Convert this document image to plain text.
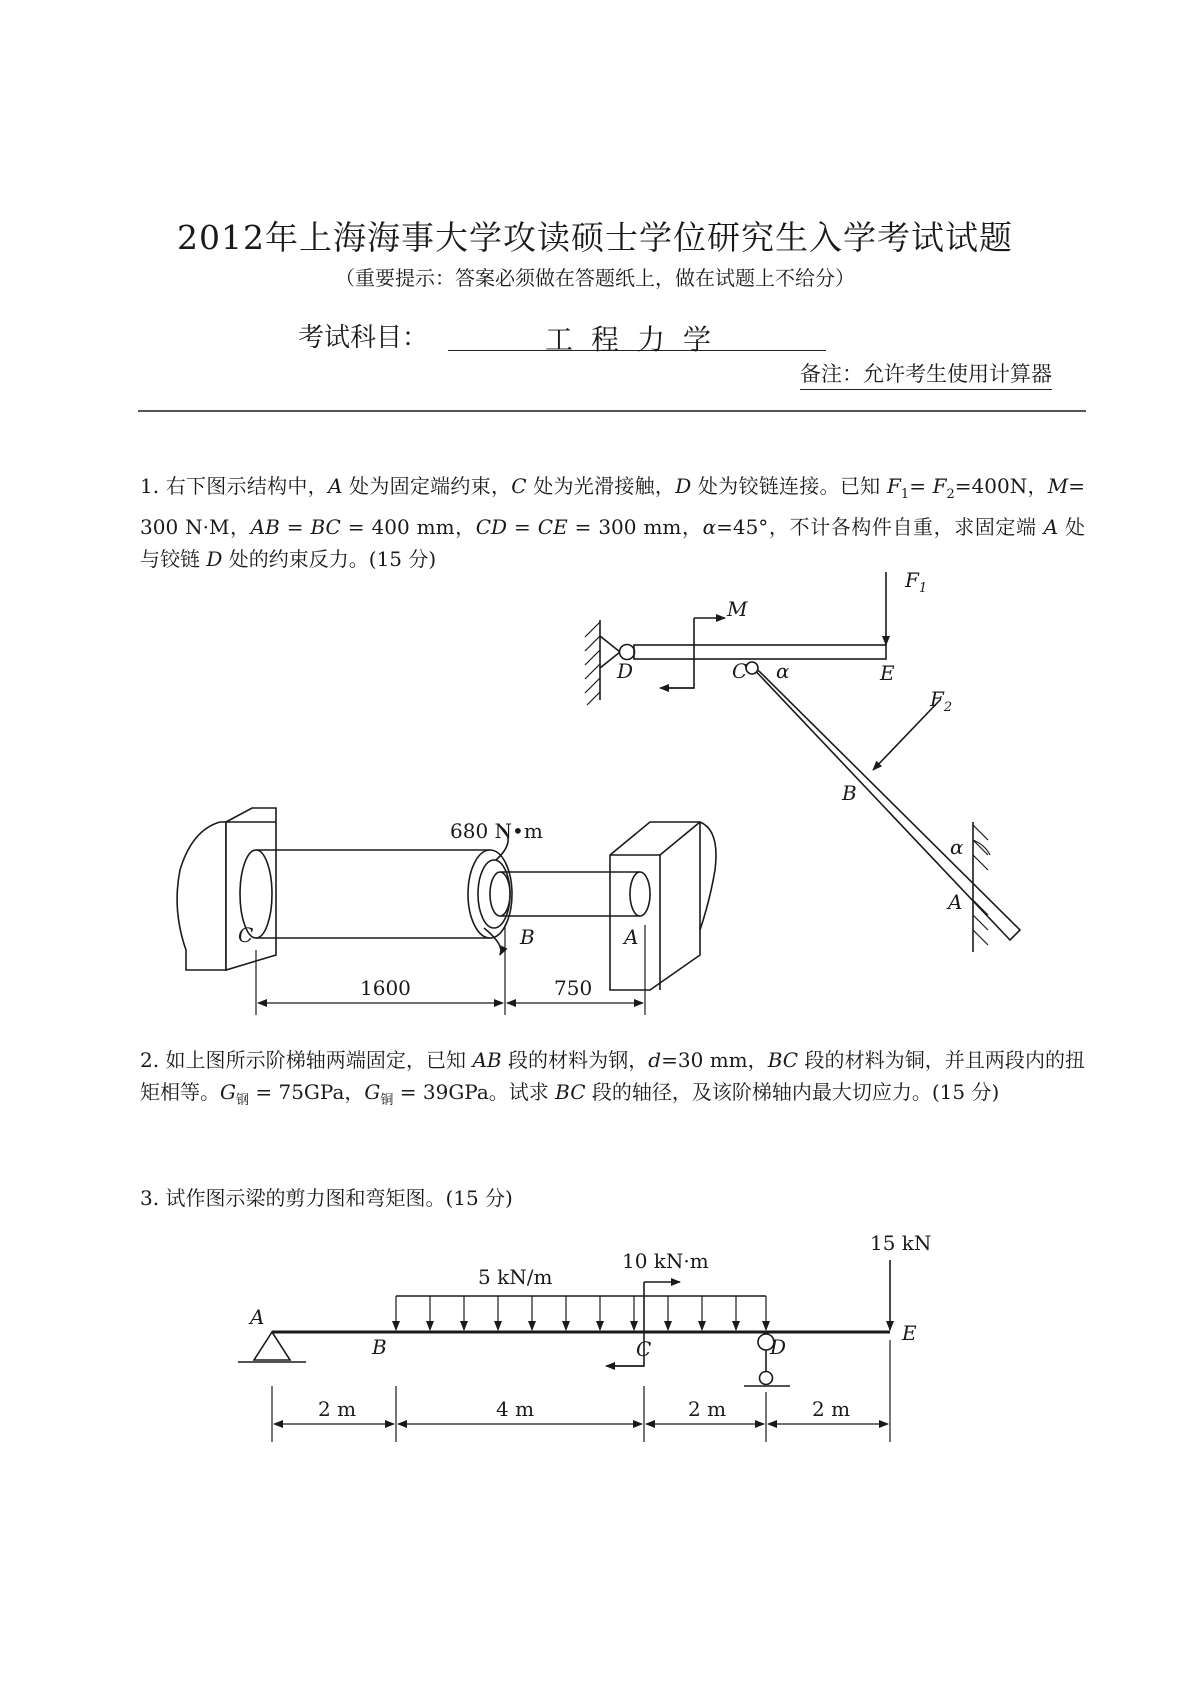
2012年上海海事大学攻读硕士学位研究生入学考试试题
（重要提示：答案必须做在答题纸上，做在试题上不给分）
考试科目：	工程力学
备注：允许考生使用计算器
1. 右下图示结构中，A 处为固定端约束，C 处为光滑接触，D 处为铰链连接。已知 $F_1= F_2=400N$，M= 300 N·M，AB = BC = 400 mm，CD = CE = 300 mm，α=45°，不计各构件自重，求固定端 A 处与铰链 D 处的约束反力。(15 分)
2. 如上图所示阶梯轴两端固定，已知 AB 段的材料为钢，d=30 mm，BC 段的材料为铜，并且两段内的扭矩相等。$G_钢 = 75GPa$，$G_铜 = 39GPa$。试求 BC 段的轴径，及该阶梯轴内最大切应力。(15 分)
3. 试作图示梁的剪力图和弯矩图。(15 分)
$F_1$
M
D	C α	E
$F_2$
B
α
A
680 N•m
C	B	A
1600	750
5 kN/m
10 kN·m
15 kN
A
B	C	D
E
2 m	4 m	2 m	2 m
